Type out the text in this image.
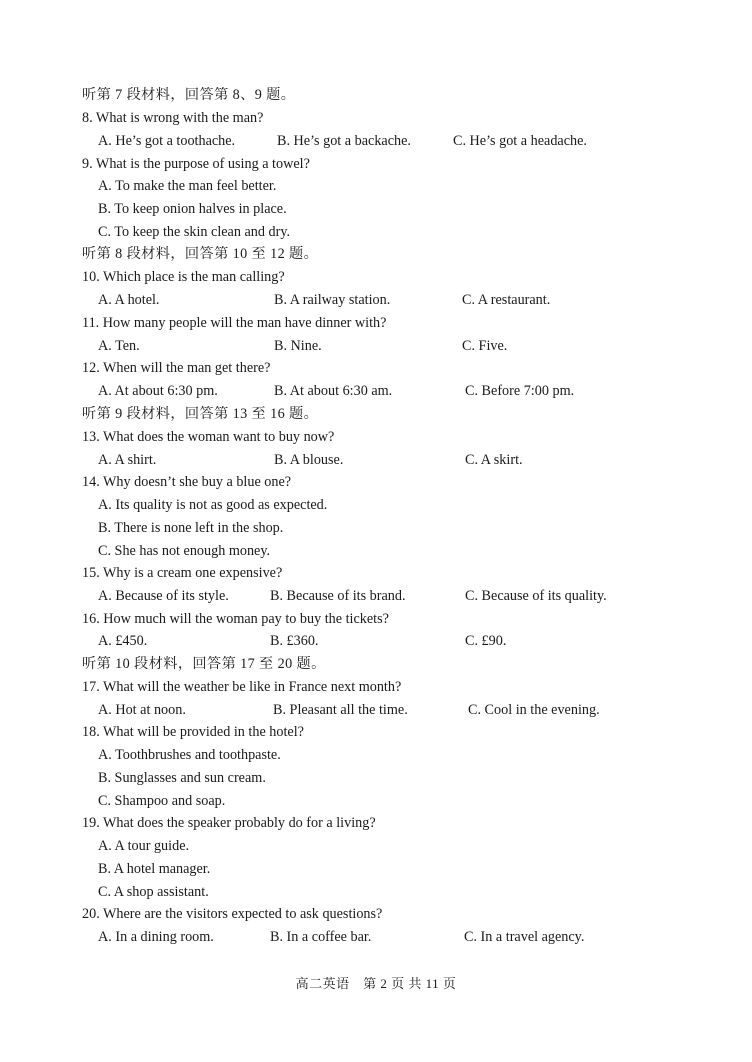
听第 7 段材料，回答第 8、9 题。
8. What is wrong with the man?
A. He’s got a toothache.	B. He’s got a backache.	C. He’s got a headache.
9. What is the purpose of using a towel?
A. To make the man feel better.
B. To keep onion halves in place.
C. To keep the skin clean and dry.
听第 8 段材料，回答第 10 至 12 题。
10. Which place is the man calling?
A. A hotel.	B. A railway station.	C. A restaurant.
11. How many people will the man have dinner with?
A. Ten.	B. Nine.	C. Five.
12. When will the man get there?
A. At about 6:30 pm.	B. At about 6:30 am.	C. Before 7:00 pm.
听第 9 段材料，回答第 13 至 16 题。
13. What does the woman want to buy now?
A. A shirt.	B. A blouse.	C. A skirt.
14. Why doesn’t she buy a blue one?
A. Its quality is not as good as expected.
B. There is none left in the shop.
C. She has not enough money.
15. Why is a cream one expensive?
A. Because of its style.	B. Because of its brand.	C. Because of its quality.
16. How much will the woman pay to buy the tickets?
A. £450.	B. £360.	C. £90.
听第 10 段材料，回答第 17 至 20 题。
17. What will the weather be like in France next month?
A. Hot at noon.	B. Pleasant all the time.	C. Cool in the evening.
18. What will be provided in the hotel?
A. Toothbrushes and toothpaste.
B. Sunglasses and sun cream.
C. Shampoo and soap.
19. What does the speaker probably do for a living?
A. A tour guide.
B. A hotel manager.
C. A shop assistant.
20. Where are the visitors expected to ask questions?
A. In a dining room.	B. In a coffee bar.	C. In a travel agency.
高二英语　第 2 页 共 11 页
